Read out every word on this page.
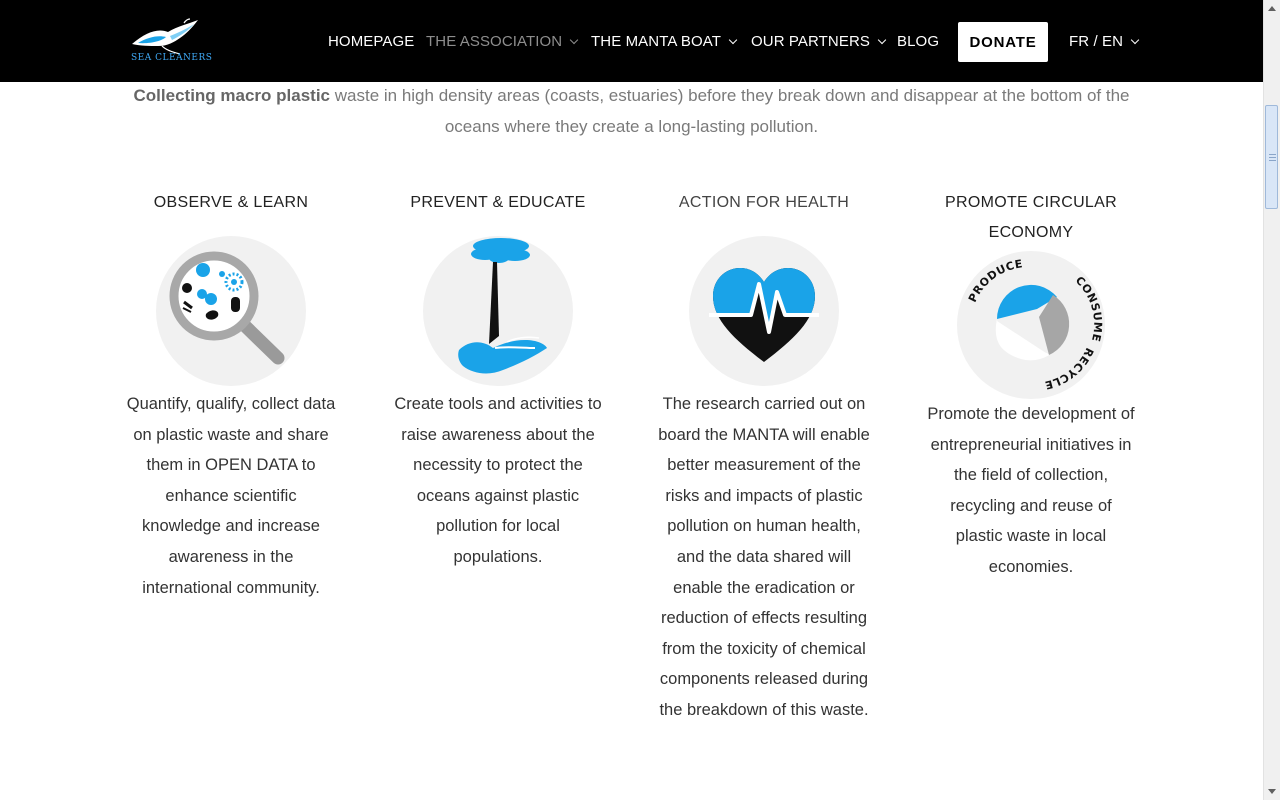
SEA CLEANERS
HOMEPAGE THE ASSOCIATION THE MANTA BOAT OUR PARTNERS BLOG	DONATE	FR / EN

Collecting macro plastic waste in high density areas (coasts, estuaries) before they break down and disappear at the bottom of the oceans where they create a long-lasting pollution.

OBSERVE & LEARN

Quantify, qualify, collect data on plastic waste and share them in OPEN DATA to enhance scientific knowledge and increase awareness in the international community.

PREVENT & EDUCATE

Create tools and activities to raise awareness about the necessity to protect the oceans against plastic pollution for local populations.

ACTION FOR HEALTH

The research carried out on board the MANTA will enable better measurement of the risks and impacts of plastic pollution on human health, and the data shared will enable the eradication or reduction of effects resulting from the toxicity of chemical components released during the breakdown of this waste.

PROMOTE CIRCULAR ECONOMY
PRODUCE
CONSUME
RECYCLE

Promote the development of entrepreneurial initiatives in the field of collection, recycling and reuse of plastic waste in local economies.
